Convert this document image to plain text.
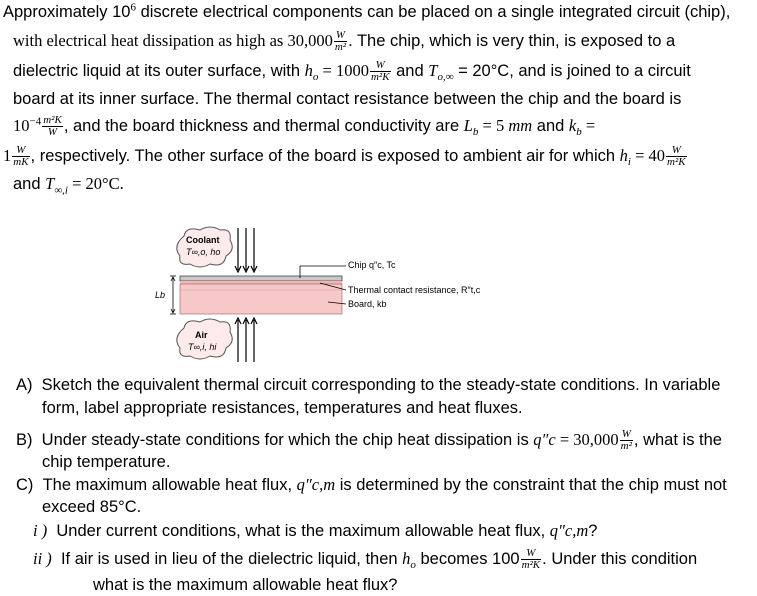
Approximately $10^6$ discrete electrical components can be placed on a single integrated circuit (chip),
with electrical heat dissipation as high as $30,000 \frac{W}{\text{m²}}$ . The chip, which is very thin, is exposed to a
dielectric liquid at its outer surface, with $h_o = 1000 \frac{W}{\text{m²K}}$ and $T_{o,\infty} = 20^\circ C$, and is joined to a circuit
board at its inner surface. The thermal contact resistance between the chip and the board is
$10^{-4} \frac{\text{m²K}}{W}$ , and the board thickness and thermal conductivity are $L_b = 5$ mm and $k_b$ =
$1 \frac{W}{mK}$ , respectively. The other surface of the board is exposed to ambient air for which $h_i = 40 \frac{W}{\text{m²K}}$
and $T_{\infty,i} = 20^\circ C$.
Coolant
T∞,o, ho
Chip q″c, Tc
Thermal contact resistance, R″t,c
Board, kb
Lb
Air
T∞,i, hi
A) Sketch the equivalent thermal circuit corresponding to the steady-state conditions. In variable
form, label appropriate resistances, temperatures and heat fluxes.
B) Under steady-state conditions for which the chip heat dissipation is $q''c = 30,000 \frac{W}{\text{m²}}$ , what is the
chip temperature.
C) The maximum allowable heat flux, q″c,m is determined by the constraint that the chip must not
exceed 85°C.
i ) Under current conditions, what is the maximum allowable heat flux, q″c,m?
ii ) If air is used in lieu of the dielectric liquid, then $h_o$ becomes $100 \frac{W}{\text{m²K}}$ . Under this condition
what is the maximum allowable heat flux?
